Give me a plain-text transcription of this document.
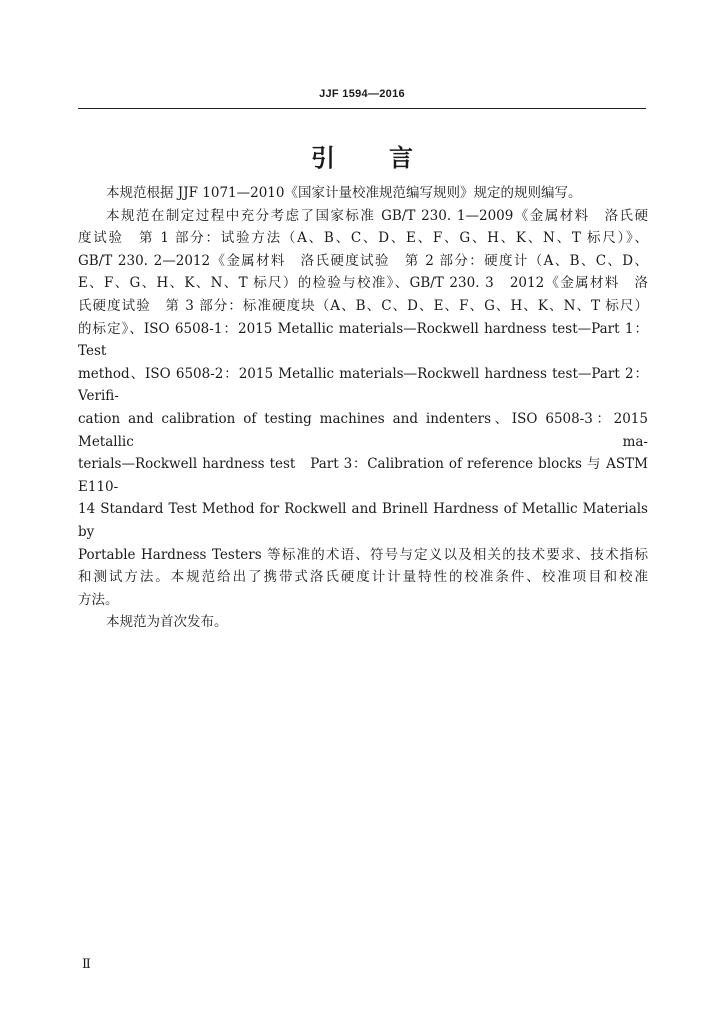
JJF 1594—2016
引 言

本规范根据 JJF 1071—2010《国家计量校准规范编写规则》规定的规则编写。

本规范在制定过程中充分考虑了国家标准 GB/T 230. 1—2009《金属材料　洛氏硬
度试验　第 1 部分：试验方法（A、B、C、D、E、F、G、H、K、N、T 标尺）》、
GB/T 230. 2—2012《金属材料　洛氏硬度试验　第 2 部分：硬度计（A、B、C、D、
E、F、G、H、K、N、T 标尺）的检验与校准》、GB/T 230. 3　2012《金属材料　洛
氏硬度试验　第 3 部分：标准硬度块（A、B、C、D、E、F、G、H、K、N、T 标尺）
的标定》、ISO 6508-1：2015 Metallic materials—Rockwell hardness test—Part 1：Test
method、ISO 6508-2：2015 Metallic materials—Rockwell hardness test—Part 2：Verifi-
cation and calibration of testing machines and indenters、ISO 6508-3：2015 Metallic ma-
terials—Rockwell hardness test　Part 3：Calibration of reference blocks 与 ASTM E110-
14 Standard Test Method for Rockwell and Brinell Hardness of Metallic Materials by
Portable Hardness Testers 等标准的术语、符号与定义以及相关的技术要求、技术指标
和测试方法。本规范给出了携带式洛氏硬度计计量特性的校准条件、校准项目和校准
方法。

本规范为首次发布。

Ⅱ
